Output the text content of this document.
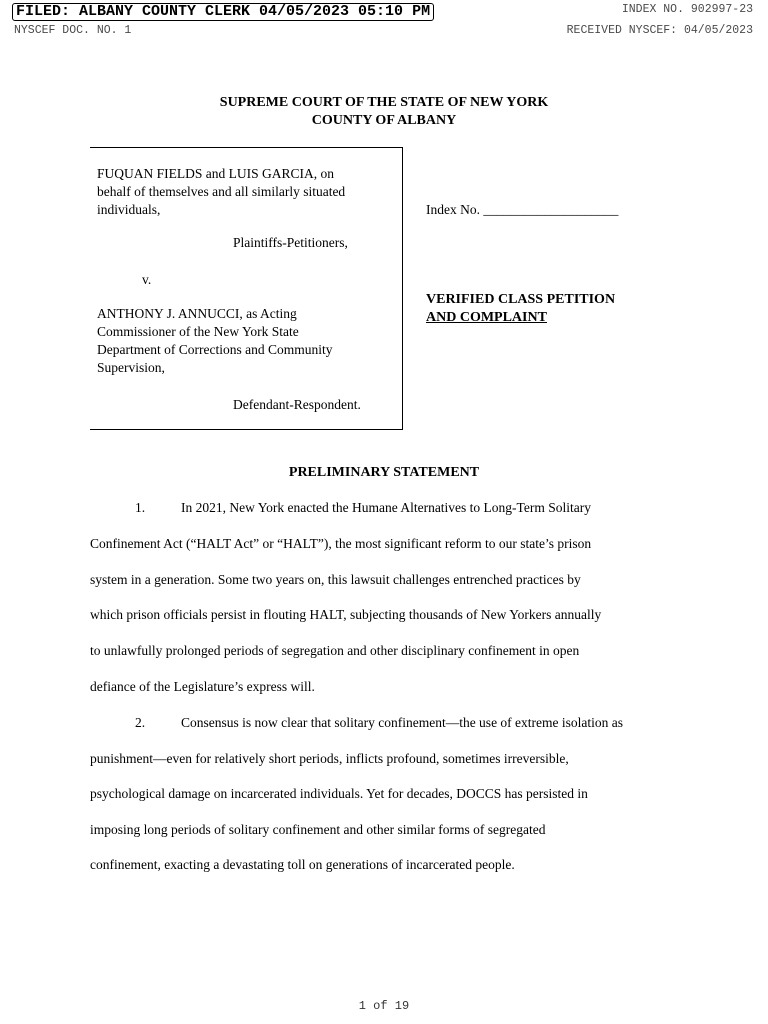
FILED: ALBANY COUNTY CLERK 04/05/2023 05:10 PM	INDEX NO. 902997-23
NYSCEF DOC. NO. 1	RECEIVED NYSCEF: 04/05/2023
SUPREME COURT OF THE STATE OF NEW YORK
COUNTY OF ALBANY
FUQUAN FIELDS and LUIS GARCIA, on
behalf of themselves and all similarly situated
individuals,
Plaintiffs-Petitioners,
v.
ANTHONY J. ANNUCCI, as Acting
Commissioner of the New York State
Department of Corrections and Community
Supervision,
Defendant-Respondent.
Index No. ____________________
VERIFIED CLASS PETITION
AND COMPLAINT
PRELIMINARY STATEMENT
1.	In 2021, New York enacted the Humane Alternatives to Long-Term Solitary
Confinement Act (“HALT Act” or “HALT”), the most significant reform to our state’s prison
system in a generation. Some two years on, this lawsuit challenges entrenched practices by
which prison officials persist in flouting HALT, subjecting thousands of New Yorkers annually
to unlawfully prolonged periods of segregation and other disciplinary confinement in open
defiance of the Legislature’s express will.
2.	Consensus is now clear that solitary confinement—the use of extreme isolation as
punishment—even for relatively short periods, inflicts profound, sometimes irreversible,
psychological damage on incarcerated individuals. Yet for decades, DOCCS has persisted in
imposing long periods of solitary confinement and other similar forms of segregated
confinement, exacting a devastating toll on generations of incarcerated people.
1 of 19
